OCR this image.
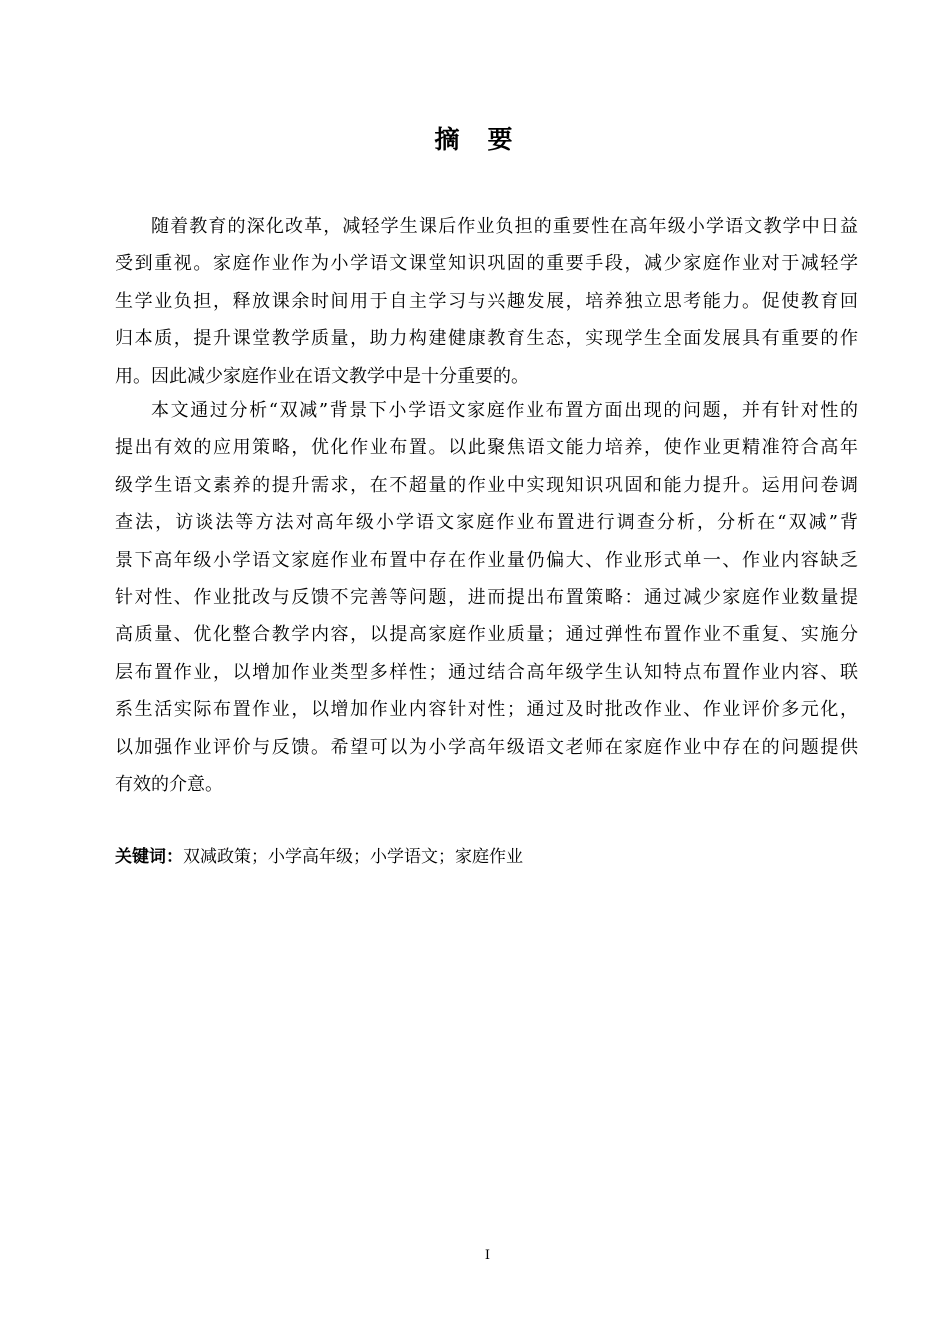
摘要
随着教育的深化改革，减轻学生课后作业负担的重要性在高年级小学语文教学中日益
受到重视。家庭作业作为小学语文课堂知识巩固的重要手段，减少家庭作业对于减轻学
生学业负担，释放课余时间用于自主学习与兴趣发展，培养独立思考能力。促使教育回
归本质，提升课堂教学质量，助力构建健康教育生态，实现学生全面发展具有重要的作
用。因此减少家庭作业在语文教学中是十分重要的。
本文通过分析“双减”背景下小学语文家庭作业布置方面出现的问题，并有针对性的
提出有效的应用策略，优化作业布置。以此聚焦语文能力培养，使作业更精准符合高年
级学生语文素养的提升需求，在不超量的作业中实现知识巩固和能力提升。运用问卷调
查法，访谈法等方法对高年级小学语文家庭作业布置进行调查分析，分析在“双减”背
景下高年级小学语文家庭作业布置中存在作业量仍偏大、作业形式单一、作业内容缺乏
针对性、作业批改与反馈不完善等问题，进而提出布置策略：通过减少家庭作业数量提
高质量、优化整合教学内容，以提高家庭作业质量；通过弹性布置作业不重复、实施分
层布置作业，以增加作业类型多样性；通过结合高年级学生认知特点布置作业内容、联
系生活实际布置作业，以增加作业内容针对性；通过及时批改作业、作业评价多元化，
以加强作业评价与反馈。希望可以为小学高年级语文老师在家庭作业中存在的问题提供
有效的介意。
关键词：双减政策；小学高年级；小学语文；家庭作业
I
